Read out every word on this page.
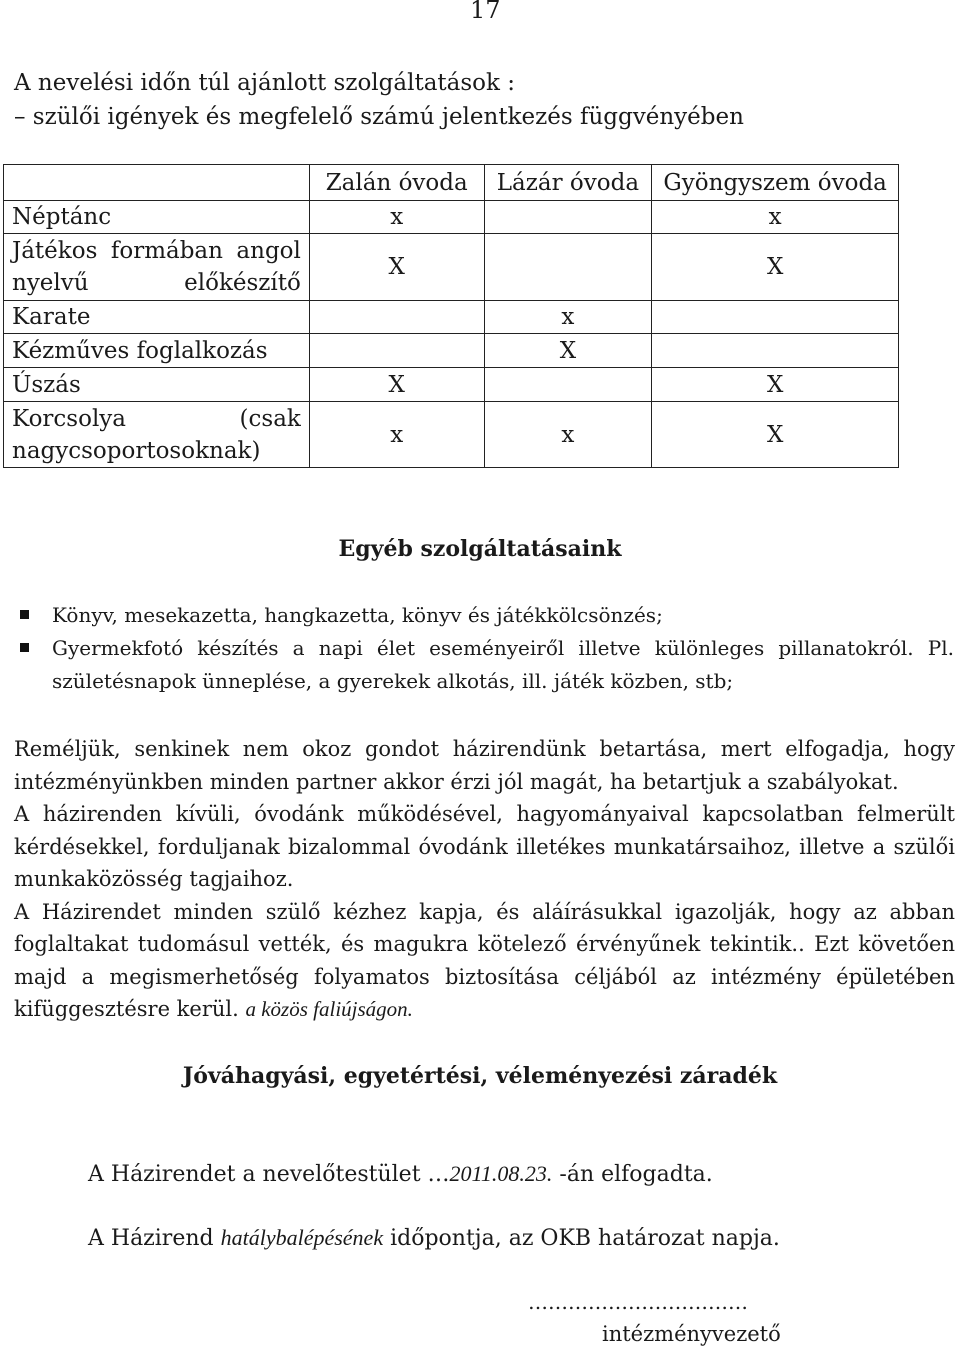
17
A nevelési időn túl ajánlott szolgáltatások :
– szülői igények és megfelelő számú jelentkezés függvényében
	Zalán óvoda	Lázár óvoda	Gyöngyszem óvoda
Néptánc	x		x
Játékos formában angol nyelvű előkészítő	X		X
Karate		x	
Kézműves foglalkozás		X	
Úszás	X		X
Korcsolya (csak nagycsoportosoknak)	x	x	X
Egyéb szolgáltatásaink
Könyv, mesekazetta, hangkazetta, könyv és játékkölcsönzés;
Gyermekfotó készítés a napi élet eseményeiről illetve különleges pillanatokról. Pl. születésnapok ünneplése, a gyerekek alkotás, ill. játék közben, stb;

Reméljük, senkinek nem okoz gondot házirendünk betartása, mert elfogadja, hogy intézményünkben minden partner akkor érzi jól magát, ha betartjuk a szabályokat.

A házirenden kívüli, óvodánk működésével, hagyományaival kapcsolatban felmerült kérdésekkel, forduljanak bizalommal óvodánk illetékes munkatársaihoz, illetve a szülői munkaközösség tagjaihoz.

A Házirendet minden szülő kézhez kapja, és aláírásukkal igazolják, hogy az abban foglaltakat tudomásul vették, és magukra kötelező érvényűnek tekintik.. Ezt követően majd a megismerhetőség folyamatos biztosítása céljából az intézmény épületében kifüggesztésre kerül. a közös faliújságon.

Jóváhagyási, egyetértési, véleményezési záradék
A Házirendet a nevelőtestület …2011.08.23. -án elfogadta.
A Házirend hatálybalépésének időpontja, az OKB határozat napja.
……………………………
intézményvezető
